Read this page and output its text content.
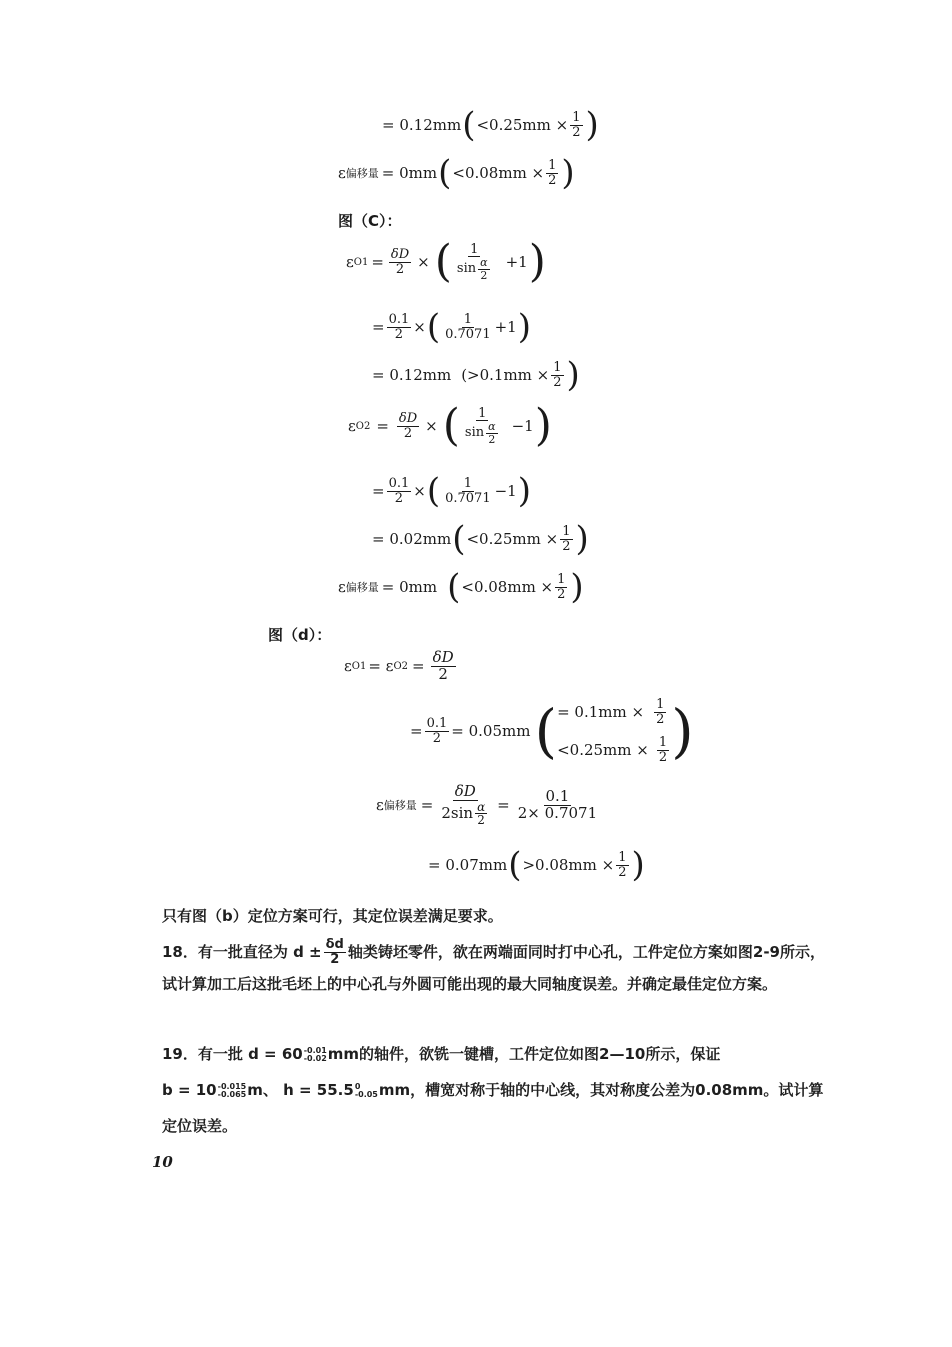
= 0.12mm ( $<0.25mm \times \frac{1}{2}$ )
ε 偏移量 = 0mm ( $<0.08mm \times \frac{1}{2}$ )
图（C）：
ε $O1 = \frac{\delta D}{2}$ × ( $\frac{1}{\sin \frac{\alpha}{2}} +1$ )
= $\frac{0.1}{2}$ × ( $\frac{1}{0.7071} +1$ )
= 0.12mm ($>0.1mm \times \frac{1}{2}$ )
ε $O2 = \frac{\delta D}{2}$ × ( $\frac{1}{\sin \frac{\alpha}{2}} -1$ )
= $\frac{0.1}{2}$ × ( $\frac{1}{0.7071} -1$ )
= 0.02mm ( $<0.25mm \times \frac{1}{2}$ )
ε 偏移量 = 0mm ( $<0.08mm \times \frac{1}{2}$ )
图（d）：
ε O1 = ε $O2 = \frac{\delta D}{2}$
= $\frac{0.1}{2} = 0.05mm$ ( = $0.1mm \times \frac{1}{2}$
$<0.25mm \times \frac{1}{2}$ )
ε 偏移量 = $\frac{\delta D}{2\sin \frac{\alpha}{2}} = \frac{0.1}{2\times 0.7071}$
= 0.07mm ( $>0.08mm \times \frac{1}{2}$ )
只有图（b）定位方案可行，其定位误差满足要求。
18．有一批直径为 $d \pm \frac{\delta d}{2}$ 轴类铸坯零件，欲在两端面同时打中心孔，工件定位方案如图2-9所示，试计算加工后这批毛坯上的中心孔与外圆可能出现的最大同轴度误差。并确定最佳定位方案。
19．有一批 d = 60 -0.01
-0.02 mm的轴件，欲铣一键槽，工件定位如图2—10所示，保证
b = 10 -0.015
-0.065 m、 h = 55.5 0
-0.05 mm，槽宽对称于轴的中心线，其对称度公差为0.08mm。试计算定位误差。
10
